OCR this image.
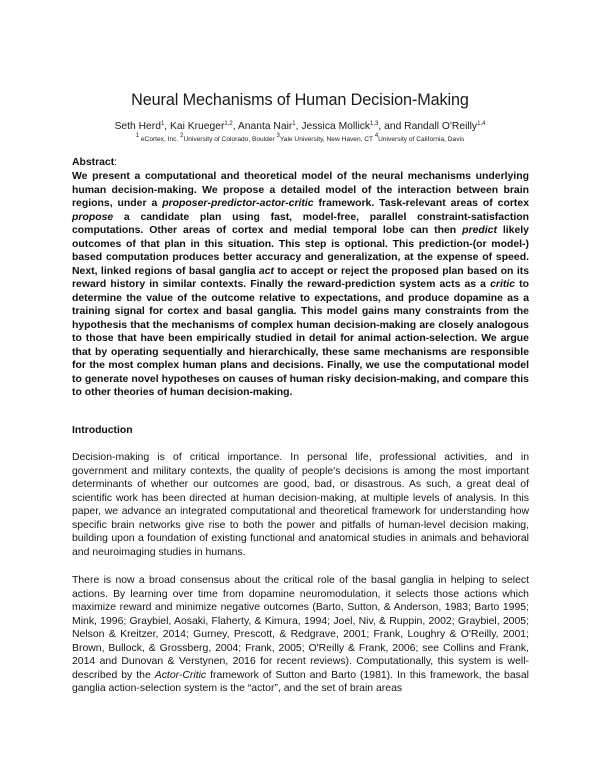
Neural Mechanisms of Human Decision-Making
Seth Herd$^1$, Kai Krueger$^{1,2}$, Ananta Nair$^1$, Jessica Mollick$^{1,3}$, and Randall O'Reilly$^{1,4}$
$^1$ eCortex, Inc. $^2$University of Colorado, Boulder $^3$Yale University, New Haven, CT $^4$University of California, Davis
Abstract:

We present a computational and theoretical model of the neural mechanisms underlying human decision-making. We propose a detailed model of the interaction between brain regions, under a proposer-predictor-actor-critic framework. Task-relevant areas of cortex propose a candidate plan using fast, model-free, parallel constraint-satisfaction computations. Other areas of cortex and medial temporal lobe can then predict likely outcomes of that plan in this situation. This step is optional. This prediction-(or model-) based computation produces better accuracy and generalization, at the expense of speed. Next, linked regions of basal ganglia act to accept or reject the proposed plan based on its reward history in similar contexts. Finally the reward-prediction system acts as a critic to determine the value of the outcome relative to expectations, and produce dopamine as a training signal for cortex and basal ganglia. This model gains many constraints from the hypothesis that the mechanisms of complex human decision-making are closely analogous to those that have been empirically studied in detail for animal action-selection. We argue that by operating sequentially and hierarchically, these same mechanisms are responsible for the most complex human plans and decisions. Finally, we use the computational model to generate novel hypotheses on causes of human risky decision-making, and compare this to other theories of human decision-making.

Introduction

Decision-making is of critical importance. In personal life, professional activities, and in government and military contexts, the quality of people's decisions is among the most important determinants of whether our outcomes are good, bad, or disastrous. As such, a great deal of scientific work has been directed at human decision-making, at multiple levels of analysis. In this paper, we advance an integrated computational and theoretical framework for understanding how specific brain networks give rise to both the power and pitfalls of human-level decision making, building upon a foundation of existing functional and anatomical studies in animals and behavioral and neuroimaging studies in humans.

There is now a broad consensus about the critical role of the basal ganglia in helping to select actions. By learning over time from dopamine neuromodulation, it selects those actions which maximize reward and minimize negative outcomes (Barto, Sutton, & Anderson, 1983; Barto 1995; Mink, 1996; Graybiel, Aosaki, Flaherty, & Kimura, 1994; Joel, Niv, & Ruppin, 2002; Graybiel, 2005; Nelson & Kreitzer, 2014; Gurney, Prescott, & Redgrave, 2001; Frank, Loughry & O'Reilly, 2001; Brown, Bullock, & Grossberg, 2004; Frank, 2005; O'Reilly & Frank, 2006; see Collins and Frank, 2014 and Dunovan & Verstynen, 2016 for recent reviews). Computationally, this system is well-described by the Actor-Critic framework of Sutton and Barto (1981). In this framework, the basal ganglia action-selection system is the “actor”, and the set of brain areas
